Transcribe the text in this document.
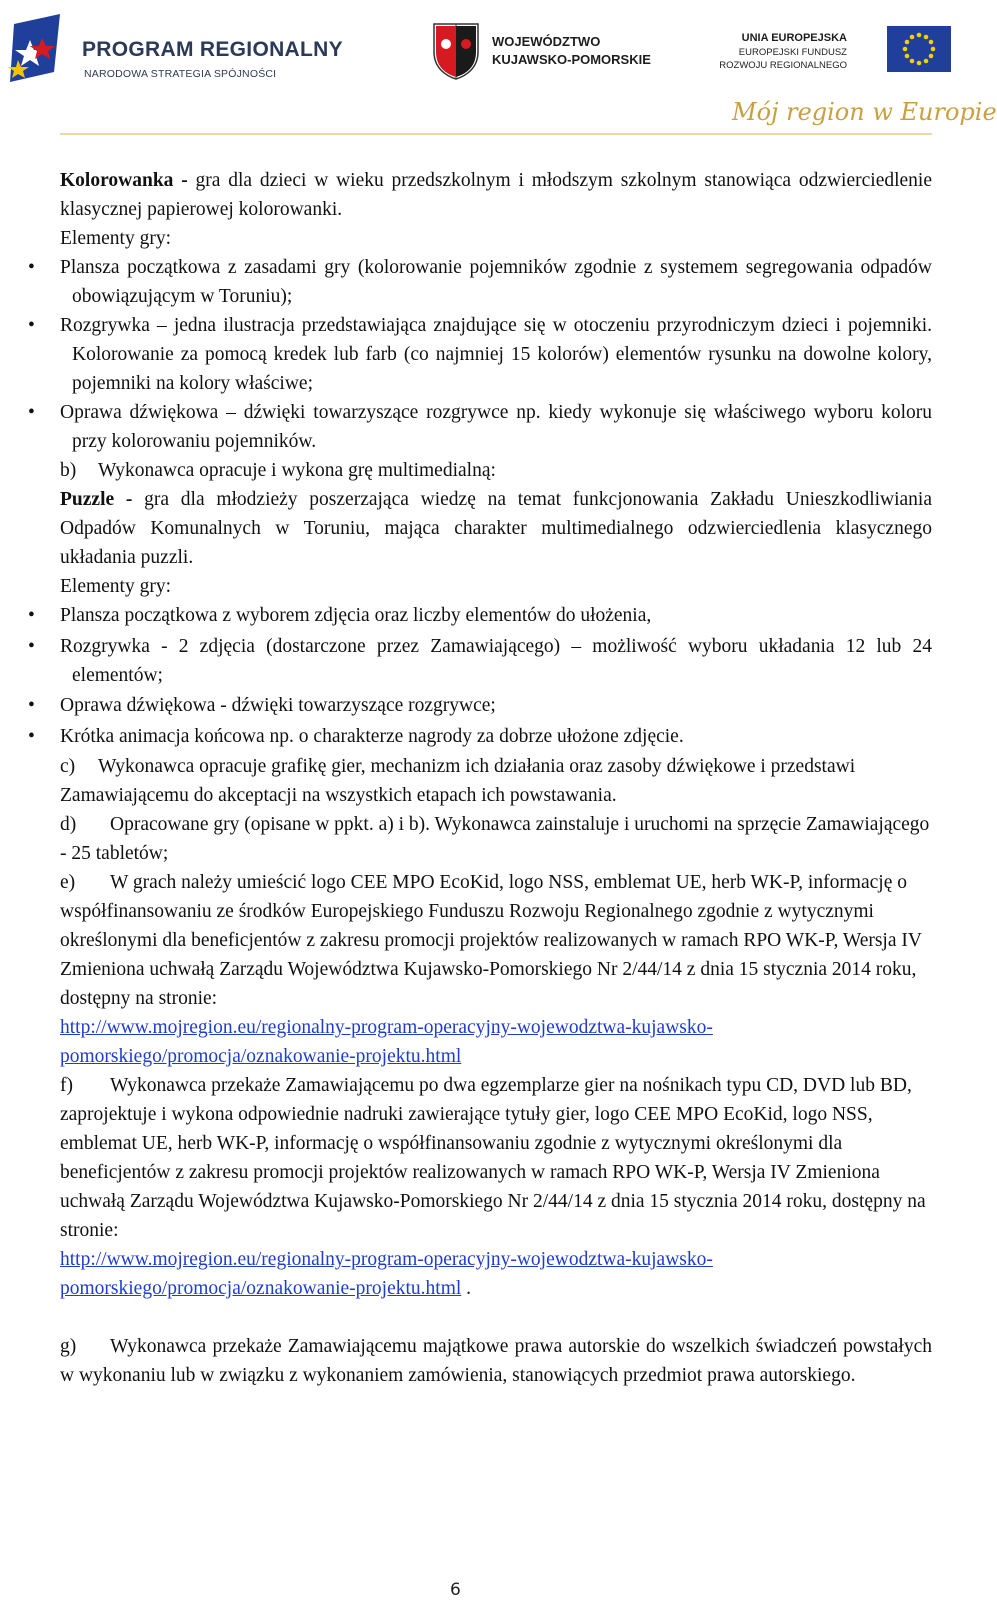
PROGRAM REGIONALNY
NARODOWA STRATEGIA SPÓJNOŚCI
WOJEWÓDZTWO
KUJAWSKO-POMORSKIE
UNIA EUROPEJSKA
EUROPEJSKI FUNDUSZ
ROZWOJU REGIONALNEGO
Mój region w Europie

Kolorowanka - gra dla dzieci w wieku przedszkolnym i młodszym szkolnym stanowiąca odzwierciedlenie klasycznej papierowej kolorowanki.

Elementy gry:

• Plansza początkowa z zasadami gry (kolorowanie pojemników zgodnie z systemem segregowania odpadów obowiązującym w Toruniu);
• Rozgrywka – jedna ilustracja przedstawiająca znajdujące się w otoczeniu przyrodniczym dzieci i pojemniki. Kolorowanie za pomocą kredek lub farb (co najmniej 15 kolorów) elementów rysunku na dowolne kolory, pojemniki na kolory właściwe;
• Oprawa dźwiękowa – dźwięki towarzyszące rozgrywce np. kiedy wykonuje się właściwego wyboru koloru przy kolorowaniu pojemników.

b) Wykonawca opracuje i wykona grę multimedialną:

Puzzle - gra dla młodzieży poszerzająca wiedzę na temat funkcjonowania Zakładu Unieszkodliwiania Odpadów Komunalnych w Toruniu, mająca charakter multimedialnego odzwierciedlenia klasycznego układania puzzli.

Elementy gry:

• Plansza początkowa z wyborem zdjęcia oraz liczby elementów do ułożenia,
• Rozgrywka - 2 zdjęcia (dostarczone przez Zamawiającego) – możliwość wyboru układania 12 lub 24 elementów;
• Oprawa dźwiękowa - dźwięki towarzyszące rozgrywce;
• Krótka animacja końcowa np. o charakterze nagrody za dobrze ułożone zdjęcie.

c) Wykonawca opracuje grafikę gier, mechanizm ich działania oraz zasoby dźwiękowe i przedstawi Zamawiającemu do akceptacji na wszystkich etapach ich powstawania.

d) Opracowane gry (opisane w ppkt. a) i b). Wykonawca zainstaluje i uruchomi na sprzęcie Zamawiającego - 25 tabletów;

e) W grach należy umieścić logo CEE MPO EcoKid, logo NSS, emblemat UE, herb WK-P, informację o współfinansowaniu ze środków Europejskiego Funduszu Rozwoju Regionalnego zgodnie z wytycznymi określonymi dla beneficjentów z zakresu promocji projektów realizowanych w ramach RPO WK-P, Wersja IV Zmieniona uchwałą Zarządu Województwa Kujawsko-Pomorskiego Nr 2/44/14 z dnia 15 stycznia 2014 roku, dostępny na stronie:
http://www.mojregion.eu/regionalny-program-operacyjny-wojewodztwa-kujawsko-pomorskiego/promocja/oznakowanie-projektu.html

f) Wykonawca przekaże Zamawiającemu po dwa egzemplarze gier na nośnikach typu CD, DVD lub BD, zaprojektuje i wykona odpowiednie nadruki zawierające tytuły gier, logo CEE MPO EcoKid, logo NSS, emblemat UE, herb WK-P, informację o współfinansowaniu zgodnie z wytycznymi określonymi dla beneficjentów z zakresu promocji projektów realizowanych w ramach RPO WK-P, Wersja IV Zmieniona uchwałą Zarządu Województwa Kujawsko-Pomorskiego Nr 2/44/14 z dnia 15 stycznia 2014 roku, dostępny na stronie:
http://www.mojregion.eu/regionalny-program-operacyjny-wojewodztwa-kujawsko-pomorskiego/promocja/oznakowanie-projektu.html .

g) Wykonawca przekaże Zamawiającemu majątkowe prawa autorskie do wszelkich świadczeń powstałych w wykonaniu lub w związku z wykonaniem zamówienia, stanowiących przedmiot prawa autorskiego.

6
